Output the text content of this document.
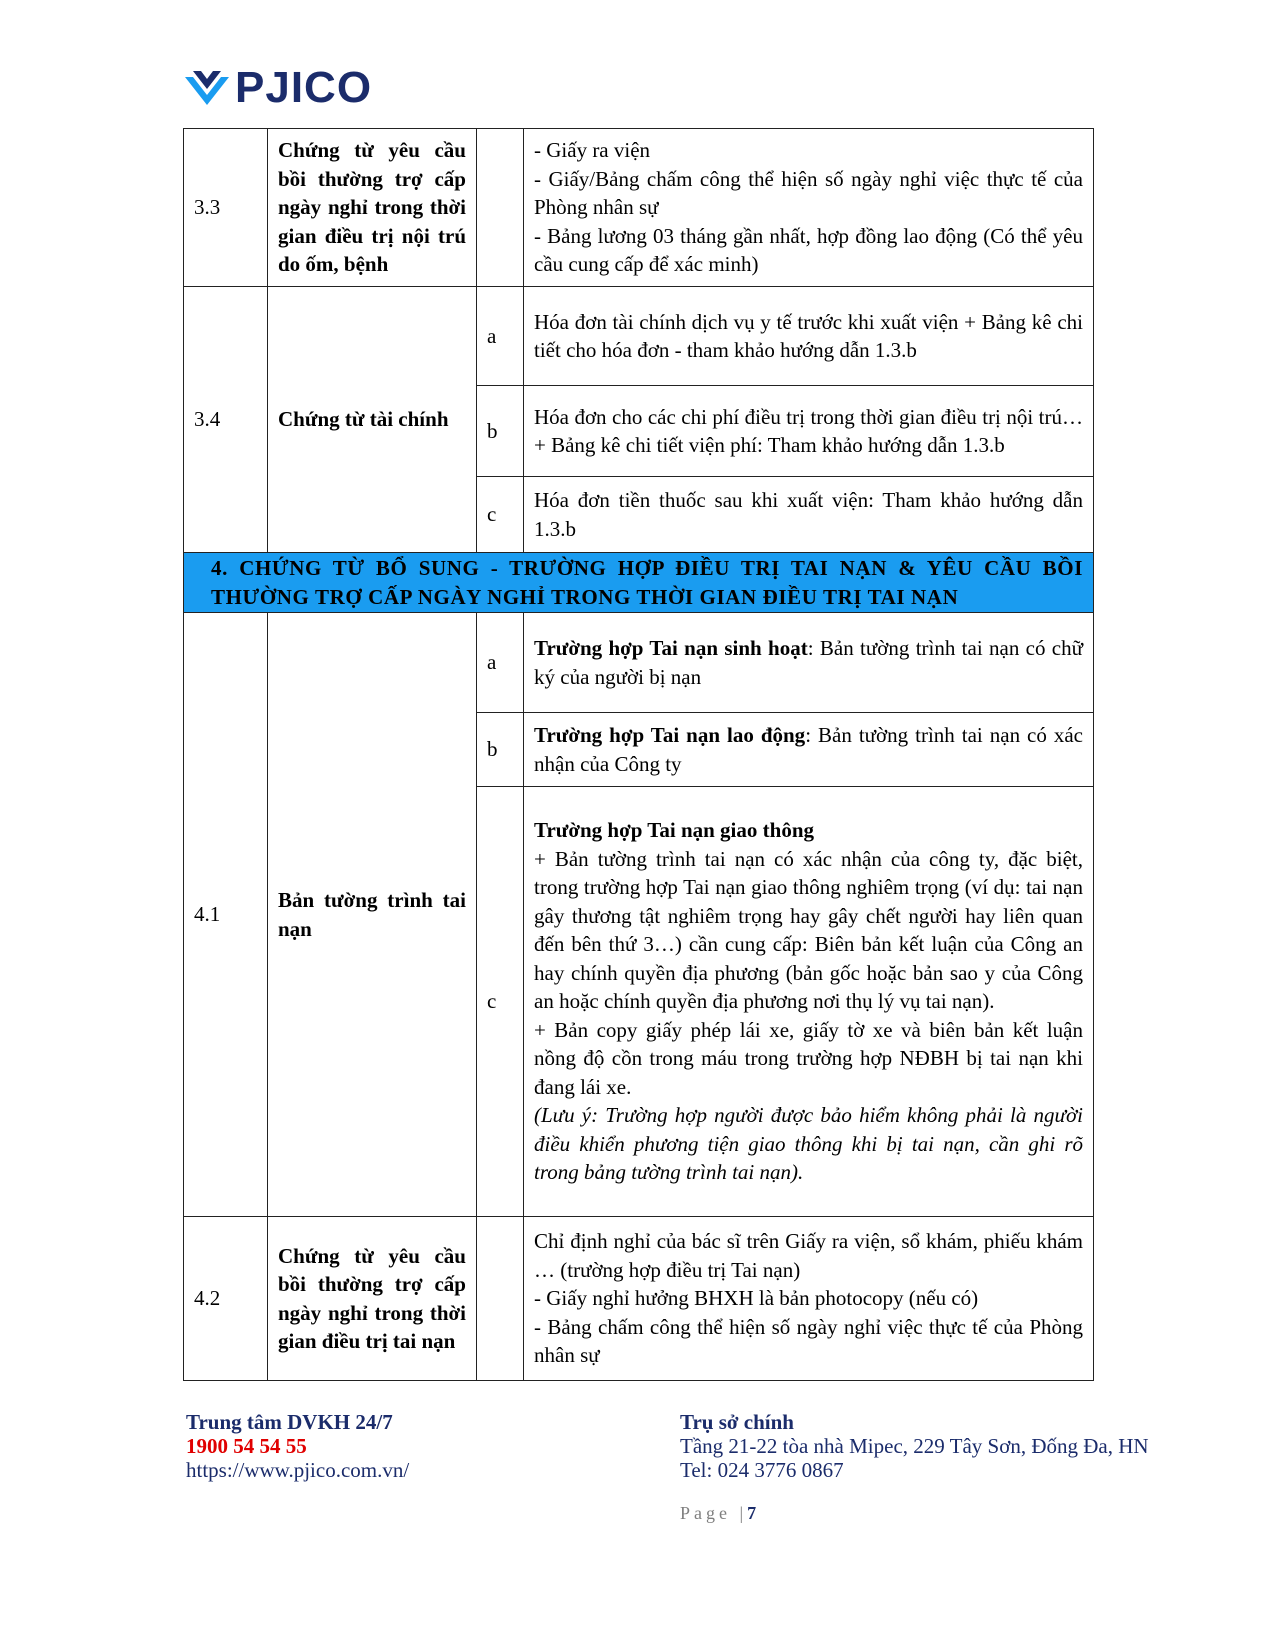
PJICO
3.3	Chứng từ yêu cầu bồi thường trợ cấp ngày nghỉ trong thời gian điều trị nội trú do ốm, bệnh		- Giấy ra viện
- Giấy/Bảng chấm công thể hiện số ngày nghỉ việc thực tế của Phòng nhân sự
- Bảng lương 03 tháng gần nhất, hợp đồng lao động (Có thể yêu cầu cung cấp để xác minh)

3.4	Chứng từ tài chính	a	Hóa đơn tài chính dịch vụ y tế trước khi xuất viện + Bảng kê chi tiết cho hóa đơn - tham khảo hướng dẫn 1.3.b
		b	Hóa đơn cho các chi phí điều trị trong thời gian điều trị nội trú… + Bảng kê chi tiết viện phí: Tham khảo hướng dẫn 1.3.b
		c	Hóa đơn tiền thuốc sau khi xuất viện: Tham khảo hướng dẫn 1.3.b
4. CHỨNG TỪ BỔ SUNG - TRƯỜNG HỢP ĐIỀU TRỊ TAI NẠN & YÊU CẦU BỒI THƯỜNG TRỢ CẤP NGÀY NGHỈ TRONG THỜI GIAN ĐIỀU TRỊ TAI NẠN			
4.1	Bản tường trình tai nạn	a	Trường hợp Tai nạn sinh hoạt: Bản tường trình tai nạn có chữ ký của người bị nạn
		b	Trường hợp Tai nạn lao động: Bản tường trình tai nạn có xác nhận của Công ty
		c	Trường hợp Tai nạn giao thông
+ Bản tường trình tai nạn có xác nhận của công ty, đặc biệt, trong trường hợp Tai nạn giao thông nghiêm trọng (ví dụ: tai nạn gây thương tật nghiêm trọng hay gây chết người hay liên quan đến bên thứ 3…) cần cung cấp: Biên bản kết luận của Công an hay chính quyền địa phương (bản gốc hoặc bản sao y của Công an hoặc chính quyền địa phương nơi thụ lý vụ tai nạn).
+ Bản copy giấy phép lái xe, giấy tờ xe và biên bản kết luận nồng độ cồn trong máu trong trường hợp NĐBH bị tai nạn khi đang lái xe.
(Lưu ý: Trường hợp người được bảo hiểm không phải là người điều khiển phương tiện giao thông khi bị tai nạn, cần ghi rõ trong bảng tường trình tai nạn).

4.2	Chứng từ yêu cầu bồi thường trợ cấp ngày nghỉ trong thời gian điều trị tai nạn		Chỉ định nghỉ của bác sĩ trên Giấy ra viện, sổ khám, phiếu khám … (trường hợp điều trị Tai nạn)
- Giấy nghỉ hưởng BHXH là bản photocopy (nếu có)
- Bảng chấm công thể hiện số ngày nghỉ việc thực tế của Phòng nhân sự
Trung tâm DVKH 24/7
1900 54 54 55
https://www.pjico.com.vn/
Trụ sở chính
Tầng 21-22 tòa nhà Mipec, 229 Tây Sơn, Đống Đa, HN
Tel: 024 3776 0867
Page |7
